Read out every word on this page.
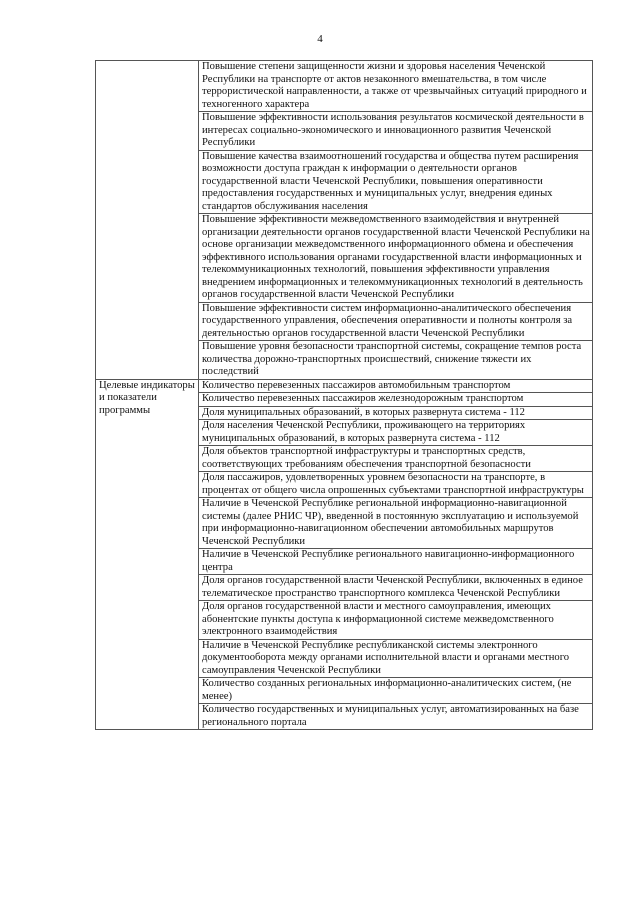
4
	Повышение степени защищенности жизни и здоровья населения Чеченской Республики на транспорте от актов незаконного вмешательства, в том числе террористической направленности, а также от чрезвычайных ситуаций природного и техногенного характера
	Повышение эффективности использования результатов космической деятельности в интересах социально-экономического и инновационного развития Чеченской Республики
	Повышение качества взаимоотношений государства и общества путем расширения возможности доступа граждан к информации о деятельности органов государственной власти Чеченской Республики, повышения оперативности предоставления государственных и муниципальных услуг, внедрения единых стандартов обслуживания населения
	Повышение эффективности межведомственного взаимодействия и внутренней организации деятельности органов государственной власти Чеченской Республики на основе организации межведомственного информационного обмена и обеспечения эффективного использования органами государственной власти информационных и телекоммуникационных технологий, повышения эффективности управления внедрением информационных и телекоммуникационных технологий в деятельность органов государственной власти Чеченской Республики
	Повышение эффективности систем информационно-аналитического обеспечения государственного управления, обеспечения оперативности и полноты контроля за деятельностью органов государственной власти Чеченской Республики
	Повышение уровня безопасности транспортной системы, сокращение темпов роста количества дорожно-транспортных происшествий, снижение тяжести их последствий
Целевые индикаторы и показатели программы	Количество перевезенных пассажиров автомобильным транспортом
	Количество перевезенных пассажиров железнодорожным транспортом
	Доля муниципальных образований, в которых развернута система - 112
	Доля населения Чеченской Республики, проживающего на территориях муниципальных образований, в которых развернута система - 112
	Доля объектов транспортной инфраструктуры и транспортных средств, соответствующих требованиям обеспечения транспортной безопасности
	Доля пассажиров, удовлетворенных уровнем безопасности на транспорте, в процентах от общего числа опрошенных субъектами транспортной инфраструктуры
	Наличие в Чеченской Республике региональной информационно-навигационной системы (далее РНИС ЧР), введенной в постоянную эксплуатацию и используемой при информационно-навигационном обеспечении автомобильных маршрутов Чеченской Республики
	Наличие в Чеченской Республике регионального навигационно-информационного центра
	Доля органов государственной власти Чеченской Республики, включенных в единое телематическое пространство транспортного комплекса Чеченской Республики
	Доля органов государственной власти и местного самоуправления, имеющих абонентские пункты доступа к информационной системе межведомственного электронного взаимодействия
	Наличие в Чеченской Республике республиканской системы электронного документооборота между органами исполнительной власти и органами местного самоуправления Чеченской Республики
	Количество созданных региональных информационно-аналитических систем, (не менее)
	Количество государственных и муниципальных услуг, автоматизированных на базе регионального портала
